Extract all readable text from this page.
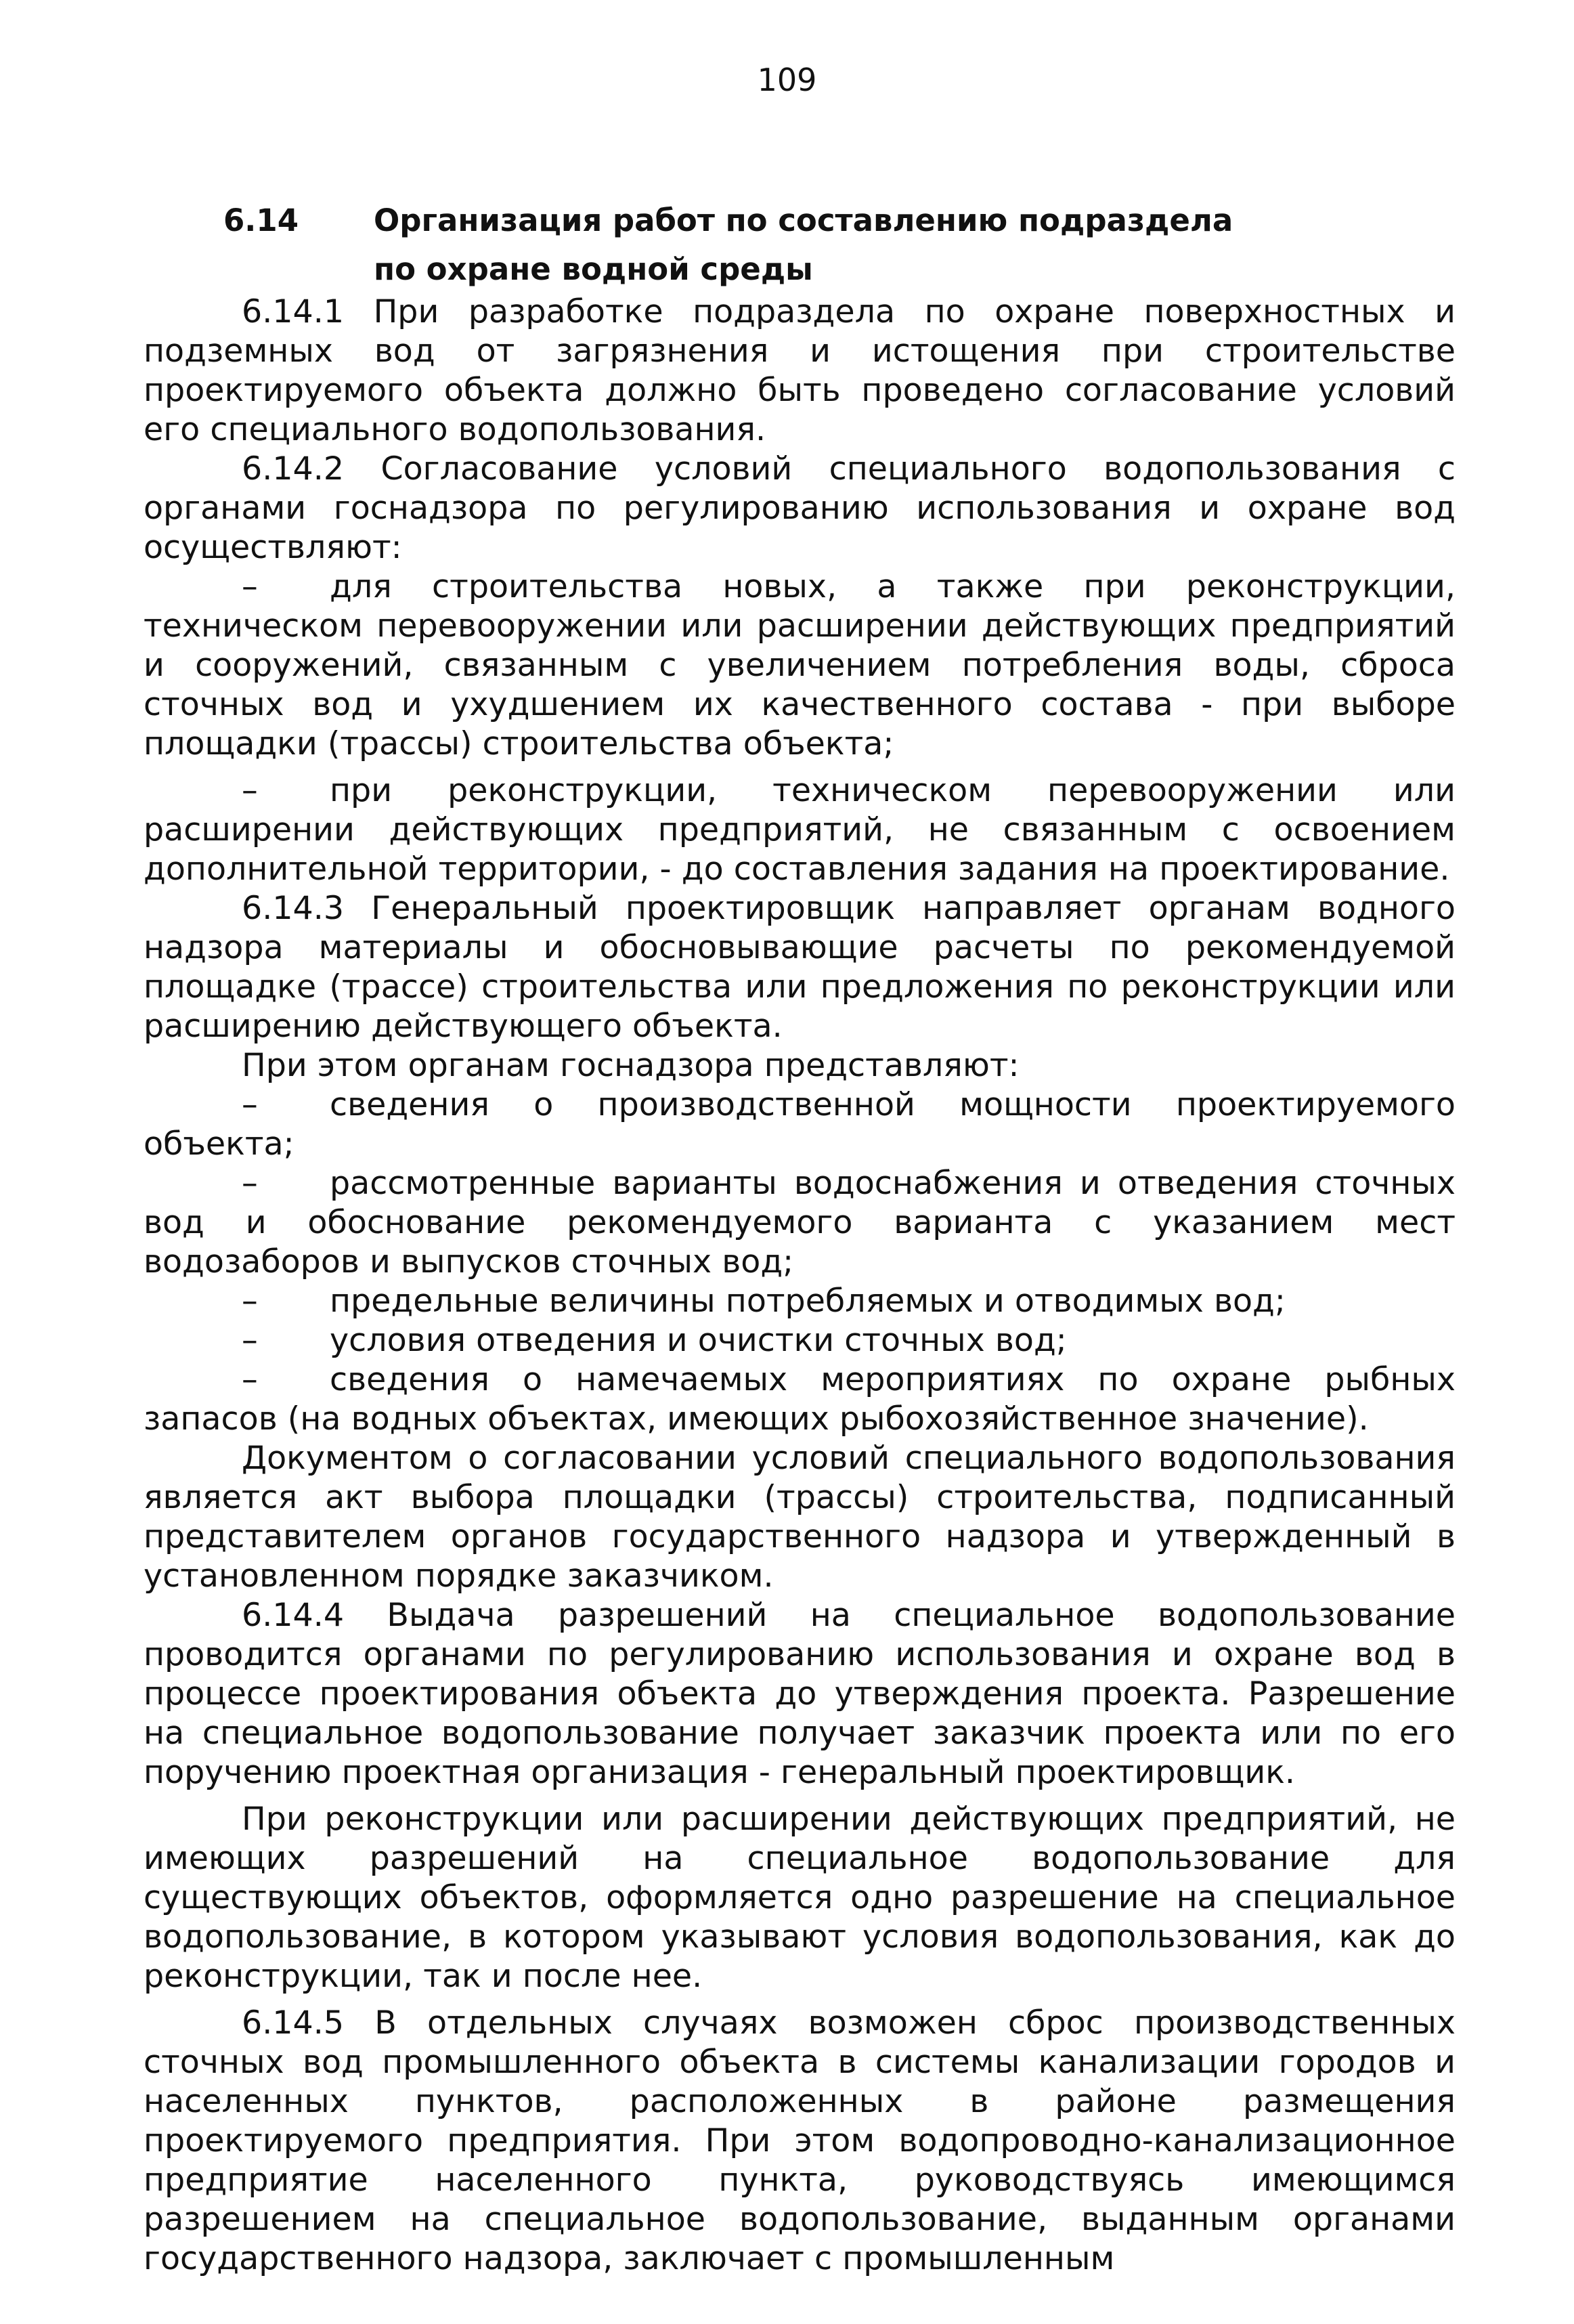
109
6.14 Организация работ по составлению подраздела
по охране водной среды

6.14.1 При разработке подраздела по охране поверхностных и подземных вод от загрязнения и истощения при строительстве проектируемого объекта должно быть проведено согласование условий его специального водопользования.

6.14.2 Согласование условий специального водопользования с органами госнадзора по регулированию использования и охране вод осуществляют:

– для строительства новых, а также при реконструкции, техническом перевооружении или расширении действующих предприятий и сооружений, связанным с увеличением потребления воды, сброса сточных вод и ухудшением их качественного состава - при выборе площадки (трассы) строительства объекта;

– при реконструкции, техническом перевооружении или расширении действующих предприятий, не связанным с освоением дополнительной территории, - до составления задания на проектирование.

6.14.3 Генеральный проектировщик направляет органам водного надзора материалы и обосновывающие расчеты по рекомендуемой площадке (трассе) строительства или предложения по реконструкции или расширению действующего объекта.

При этом органам госнадзора представляют:

– сведения о производственной мощности проектируемого объекта;

– рассмотренные варианты водоснабжения и отведения сточных вод и обоснование рекомендуемого варианта с указанием мест водозаборов и выпусков сточных вод;

– предельные величины потребляемых и отводимых вод;

– условия отведения и очистки сточных вод;

– сведения о намечаемых мероприятиях по охране рыбных запасов (на водных объектах, имеющих рыбохозяйственное значение).

Документом о согласовании условий специального водопользования является акт выбора площадки (трассы) строительства, подписанный представителем органов государственного надзора и утвержденный в установленном порядке заказчиком.

6.14.4 Выдача разрешений на специальное водопользование проводится органами по регулированию использования и охране вод в процессе проектирования объекта до утверждения проекта. Разрешение на специальное водопользование получает заказчик проекта или по его поручению проектная организация - генеральный проектировщик.

При реконструкции или расширении действующих предприятий, не имеющих разрешений на специальное водопользование для существующих объектов, оформляется одно разрешение на специальное водопользование, в котором указывают условия водопользования, как до реконструкции, так и после нее.

6.14.5 В отдельных случаях возможен сброс производственных сточных вод промышленного объекта в системы канализации городов и населенных пунктов, расположенных в районе размещения проектируемого предприятия. При этом водопроводно-канализационное предприятие населенного пункта, руководствуясь имеющимся разрешением на специальное водопользование, выданным органами государственного надзора, заключает с промышленным
